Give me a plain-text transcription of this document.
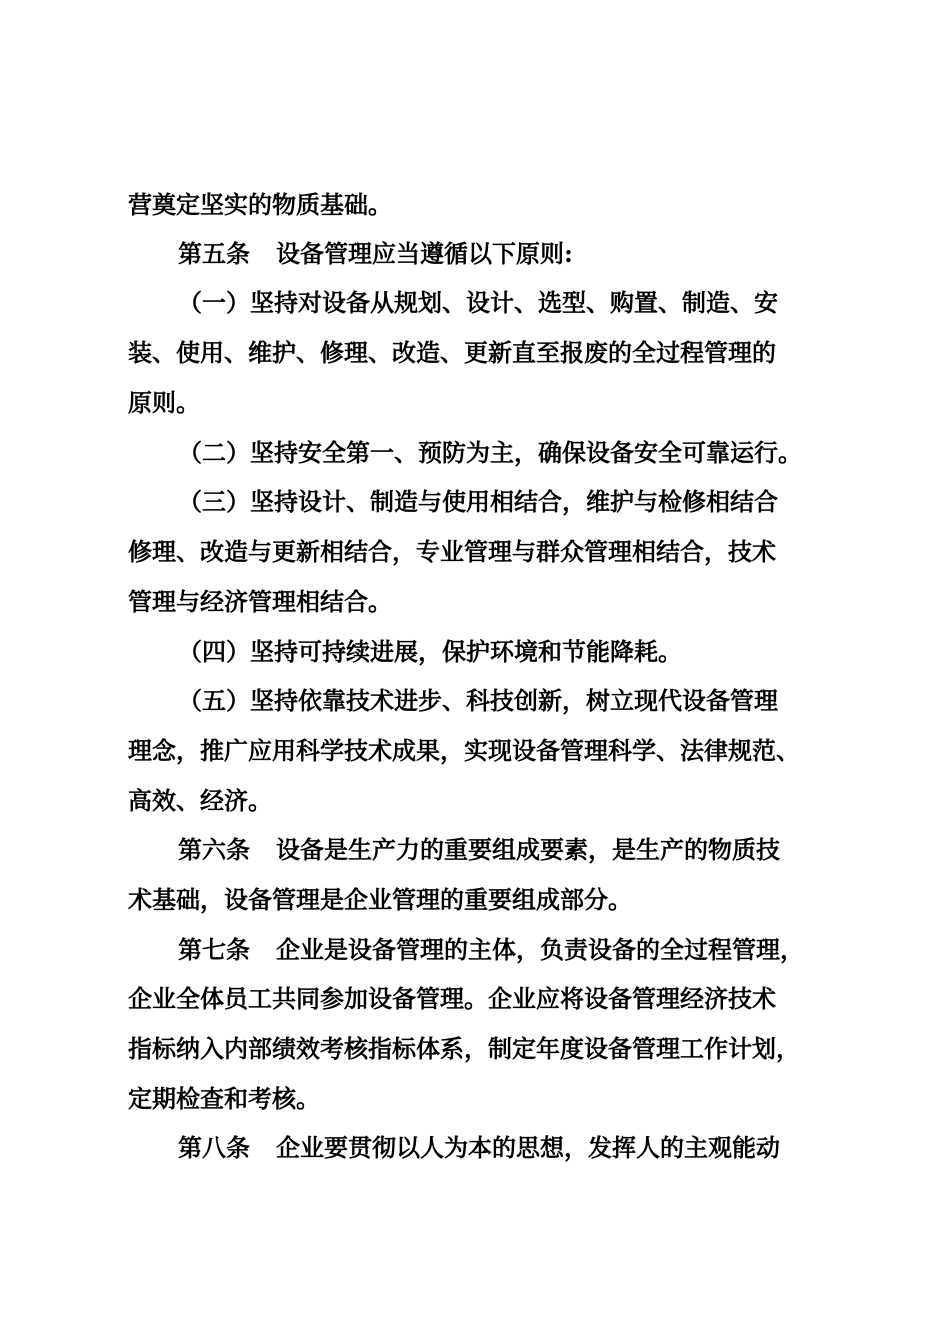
营奠定坚实的物质基础。
第五条 设备管理应当遵循以下原则:
（一）坚持对设备从规划、设计、选型、购置、制造、安
装、使用、维护、修理、改造、更新直至报废的全过程管理的
原则。
（二）坚持安全第一、预防为主，确保设备安全可靠运行。
（三）坚持设计、制造与使用相结合，维护与检修相结合
修理、改造与更新相结合，专业管理与群众管理相结合，技术
管理与经济管理相结合。
（四）坚持可持续进展，保护环境和节能降耗。
（五）坚持依靠技术进步、科技创新，树立现代设备管理
理念，推广应用科学技术成果，实现设备管理科学、法律规范、
高效、经济。
第六条 设备是生产力的重要组成要素，是生产的物质技
术基础，设备管理是企业管理的重要组成部分。
第七条 企业是设备管理的主体，负责设备的全过程管理，
企业全体员工共同参加设备管理。企业应将设备管理经济技术
指标纳入内部绩效考核指标体系，制定年度设备管理工作计划，
定期检查和考核。
第八条 企业要贯彻以人为本的思想，发挥人的主观能动
